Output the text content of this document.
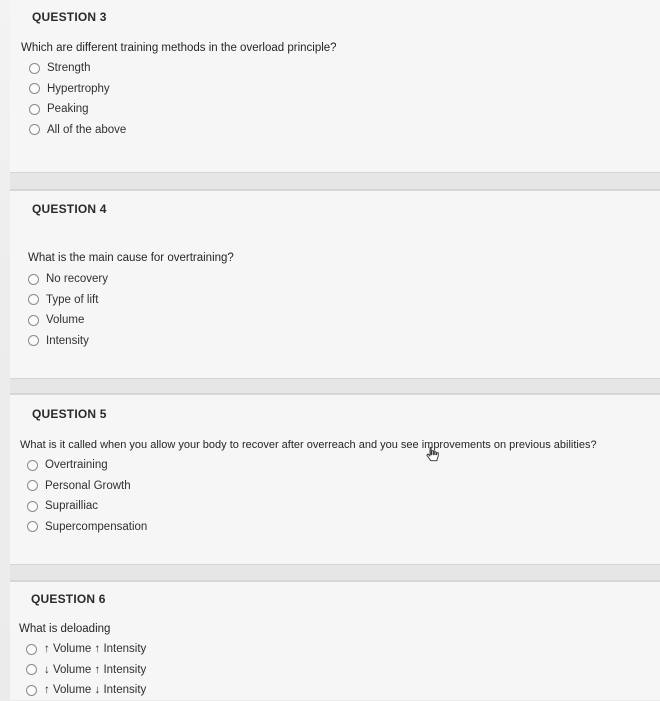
QUESTION 3
Which are different training methods in the overload principle?
Strength
Hypertrophy
Peaking
All of the above
QUESTION 4
What is the main cause for overtraining?
No recovery
Type of lift
Volume
Intensity
QUESTION 5
What is it called when you allow your body to recover after overreach and you see improvements on previous abilities?
Overtraining
Personal Growth
Suprailliac
Supercompensation
QUESTION 6
What is deloading
↑ Volume ↑ Intensity
↓ Volume ↑ Intensity
↑ Volume ↓ Intensity
